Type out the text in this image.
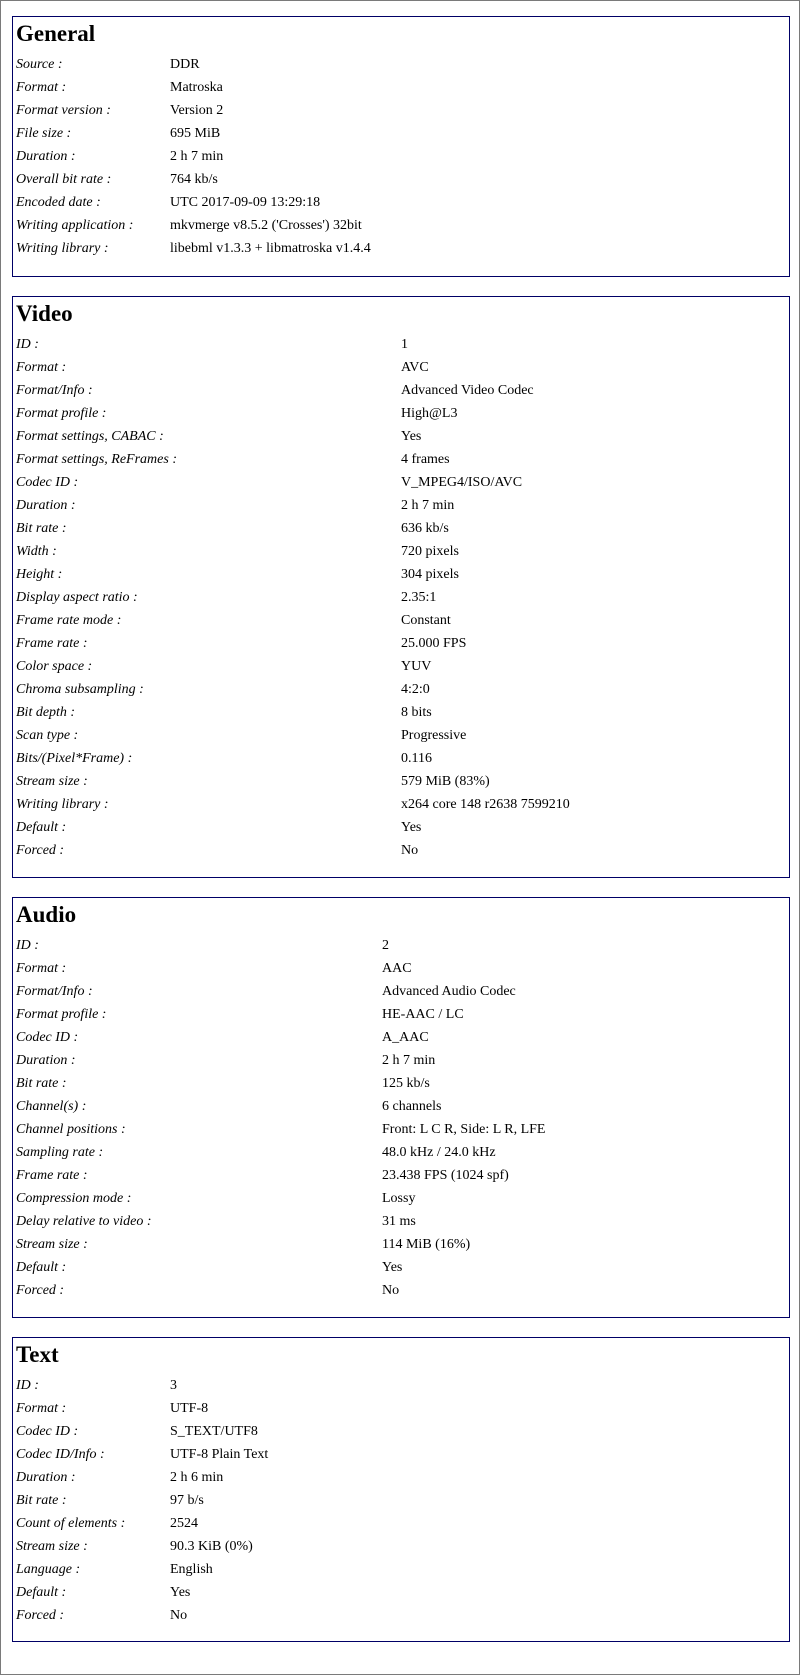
General
Source :	DDR
Format :	Matroska
Format version :	Version 2
File size :	695 MiB
Duration :	2 h 7 min
Overall bit rate :	764 kb/s
Encoded date :	UTC 2017-09-09 13:29:18
Writing application :	mkvmerge v8.5.2 ('Crosses') 32bit
Writing library :	libebml v1.3.3 + libmatroska v1.4.4
Video
ID :	1
Format :	AVC
Format/Info :	Advanced Video Codec
Format profile :	High@L3
Format settings, CABAC :	Yes
Format settings, ReFrames :	4 frames
Codec ID :	V_MPEG4/ISO/AVC
Duration :	2 h 7 min
Bit rate :	636 kb/s
Width :	720 pixels
Height :	304 pixels
Display aspect ratio :	2.35:1
Frame rate mode :	Constant
Frame rate :	25.000 FPS
Color space :	YUV
Chroma subsampling :	4:2:0
Bit depth :	8 bits
Scan type :	Progressive
Bits/(Pixel*Frame) :	0.116
Stream size :	579 MiB (83%)
Writing library :	x264 core 148 r2638 7599210
Default :	Yes
Forced :	No
Audio
ID :	2
Format :	AAC
Format/Info :	Advanced Audio Codec
Format profile :	HE-AAC / LC
Codec ID :	A_AAC
Duration :	2 h 7 min
Bit rate :	125 kb/s
Channel(s) :	6 channels
Channel positions :	Front: L C R, Side: L R, LFE
Sampling rate :	48.0 kHz / 24.0 kHz
Frame rate :	23.438 FPS (1024 spf)
Compression mode :	Lossy
Delay relative to video :	31 ms
Stream size :	114 MiB (16%)
Default :	Yes
Forced :	No
Text
ID :	3
Format :	UTF-8
Codec ID :	S_TEXT/UTF8
Codec ID/Info :	UTF-8 Plain Text
Duration :	2 h 6 min
Bit rate :	97 b/s
Count of elements :	2524
Stream size :	90.3 KiB (0%)
Language :	English
Default :	Yes
Forced :	No
